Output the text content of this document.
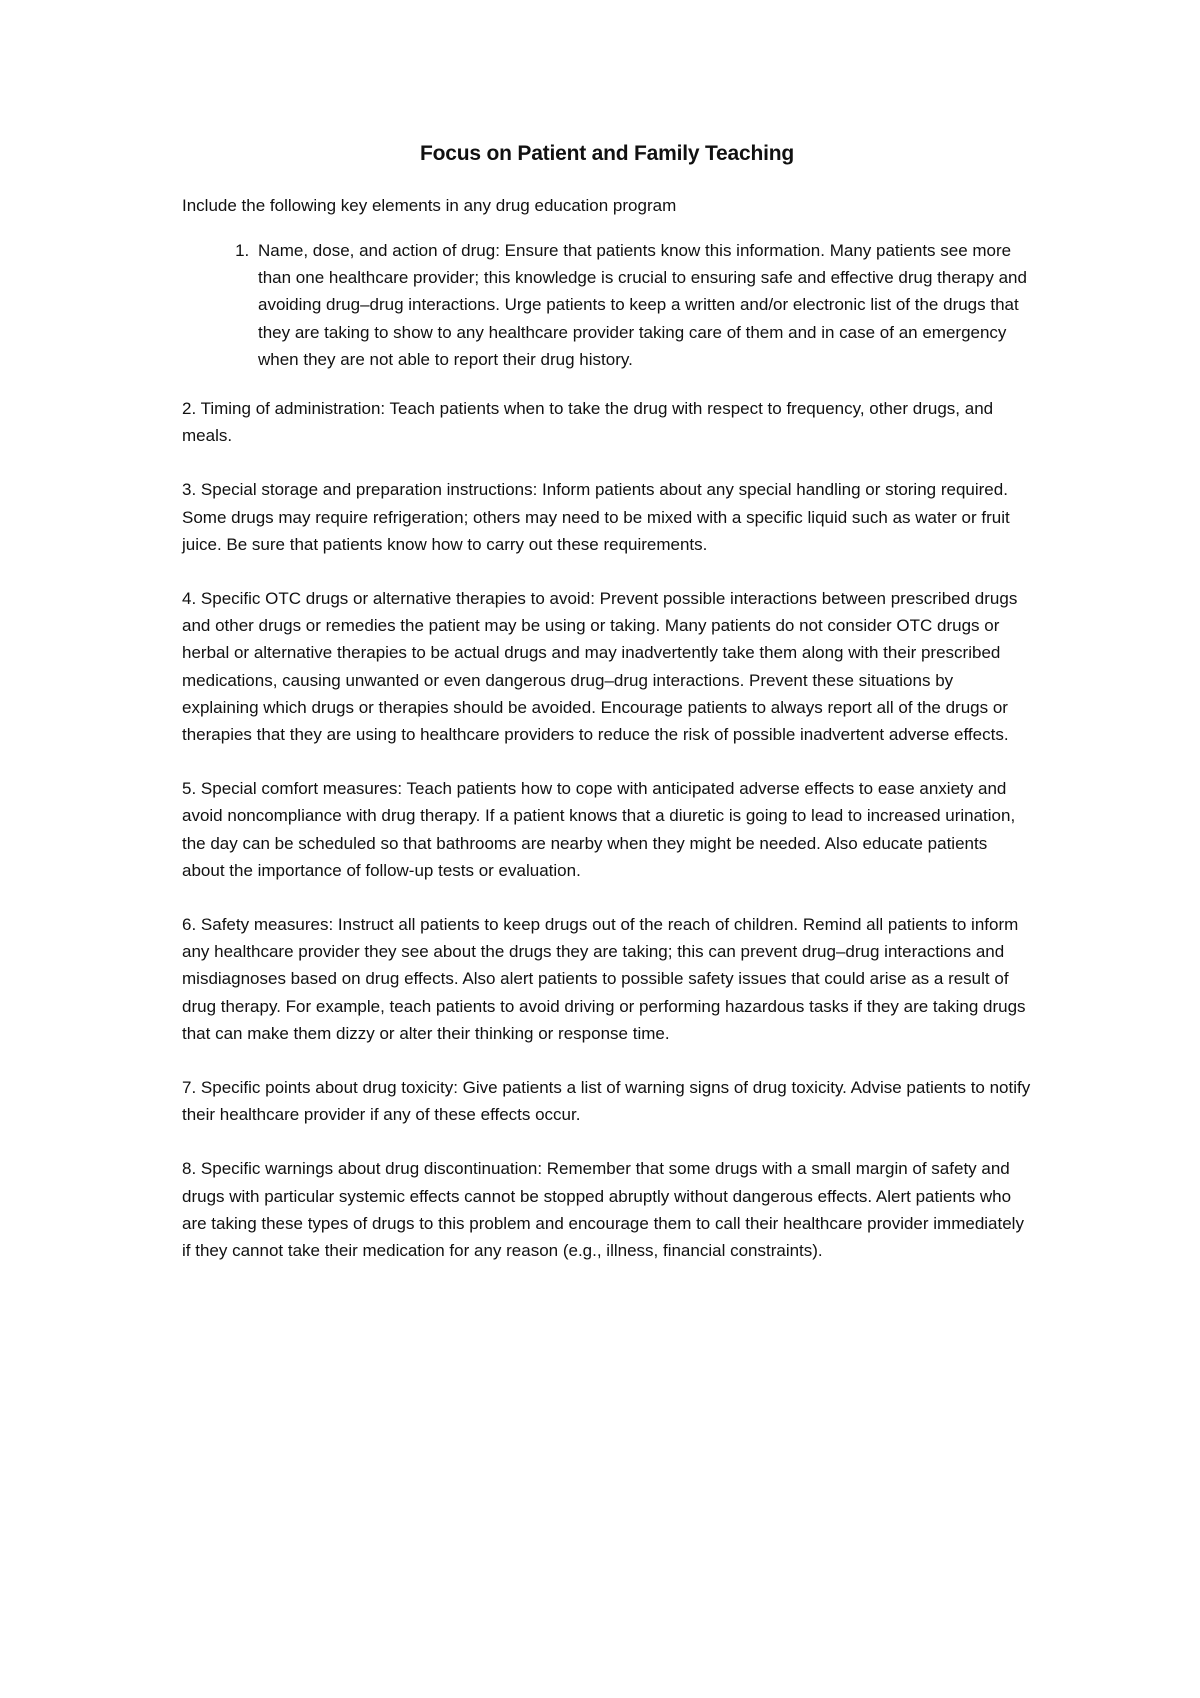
Focus on Patient and Family Teaching

Include the following key elements in any drug education program

1. Name, dose, and action of drug: Ensure that patients know this information. Many patients see more than one healthcare provider; this knowledge is crucial to ensuring safe and effective drug therapy and avoiding drug–drug interactions. Urge patients to keep a written and/or electronic list of the drugs that they are taking to show to any healthcare provider taking care of them and in case of an emergency when they are not able to report their drug history.

2. Timing of administration: Teach patients when to take the drug with respect to frequency, other drugs, and meals.

3. Special storage and preparation instructions: Inform patients about any special handling or storing required. Some drugs may require refrigeration; others may need to be mixed with a specific liquid such as water or fruit juice. Be sure that patients know how to carry out these requirements.

4. Specific OTC drugs or alternative therapies to avoid: Prevent possible interactions between prescribed drugs and other drugs or remedies the patient may be using or taking. Many patients do not consider OTC drugs or herbal or alternative therapies to be actual drugs and may inadvertently take them along with their prescribed medications, causing unwanted or even dangerous drug–drug interactions. Prevent these situations by explaining which drugs or therapies should be avoided. Encourage patients to always report all of the drugs or therapies that they are using to healthcare providers to reduce the risk of possible inadvertent adverse effects.

5. Special comfort measures: Teach patients how to cope with anticipated adverse effects to ease anxiety and avoid noncompliance with drug therapy. If a patient knows that a diuretic is going to lead to increased urination, the day can be scheduled so that bathrooms are nearby when they might be needed. Also educate patients about the importance of follow-up tests or evaluation.

6. Safety measures: Instruct all patients to keep drugs out of the reach of children. Remind all patients to inform any healthcare provider they see about the drugs they are taking; this can prevent drug–drug interactions and misdiagnoses based on drug effects. Also alert patients to possible safety issues that could arise as a result of drug therapy. For example, teach patients to avoid driving or performing hazardous tasks if they are taking drugs that can make them dizzy or alter their thinking or response time.

7. Specific points about drug toxicity: Give patients a list of warning signs of drug toxicity. Advise patients to notify their healthcare provider if any of these effects occur.

8. Specific warnings about drug discontinuation: Remember that some drugs with a small margin of safety and drugs with particular systemic effects cannot be stopped abruptly without dangerous effects. Alert patients who are taking these types of drugs to this problem and encourage them to call their healthcare provider immediately if they cannot take their medication for any reason (e.g., illness, financial constraints).
